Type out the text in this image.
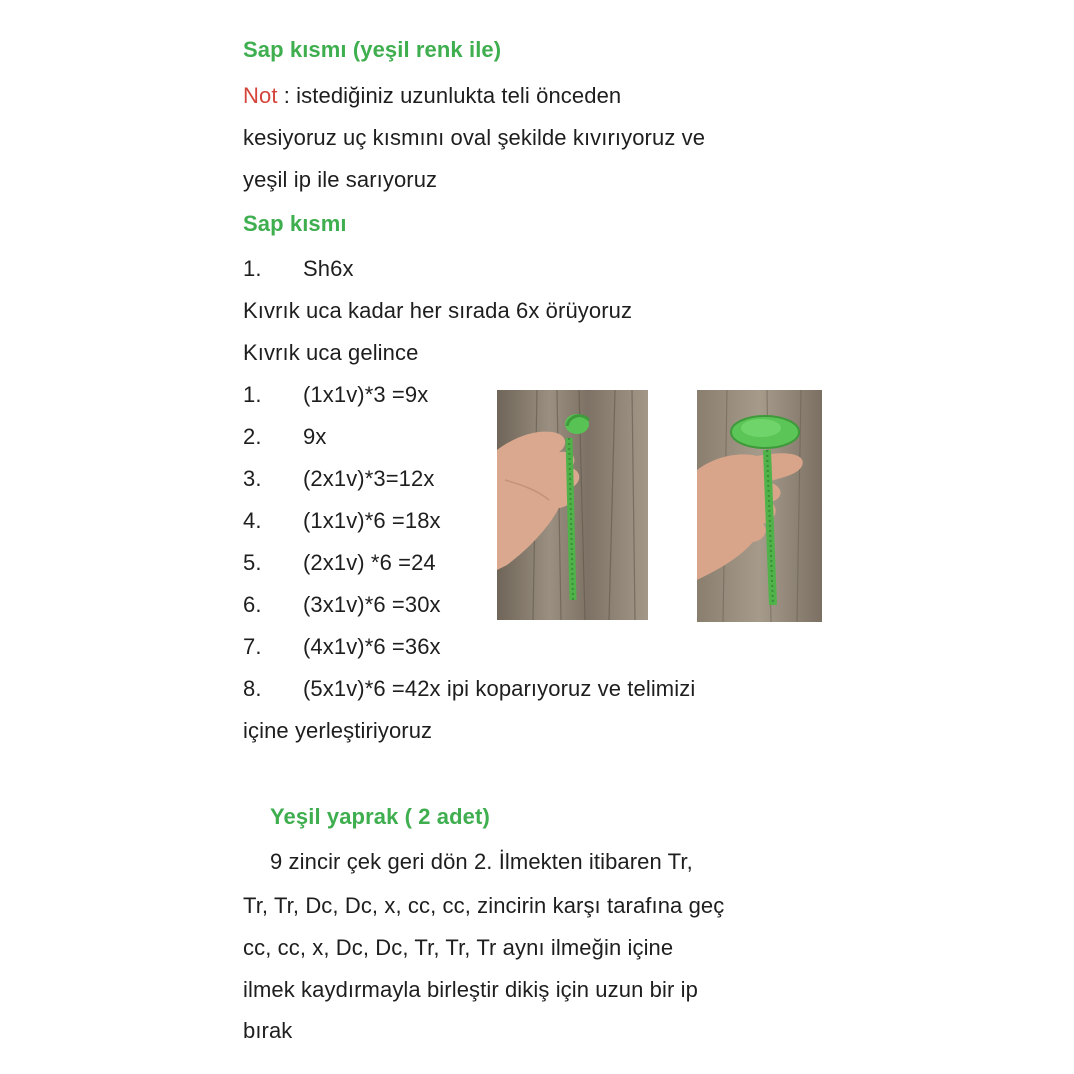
Sap kısmı (yeşil renk ile)
Not : istediğiniz uzunlukta teli önceden
kesiyoruz uç kısmını oval şekilde kıvırıyoruz ve
yeşil ip ile sarıyoruz
Sap kısmı
1. Sh6x
Kıvrık uca kadar her sırada 6x örüyoruz
Kıvrık uca gelince
1. (1x1v)*3 =9x
2. 9x
3. (2x1v)*3=12x
4. (1x1v)*6 =18x
5. (2x1v) *6 =24
6. (3x1v)*6 =30x
7. (4x1v)*6 =36x
8. (5x1v)*6 =42x ipi koparıyoruz ve telimizi
içine yerleştiriyoruz
Yeşil yaprak ( 2 adet)
9 zincir çek geri dön 2. İlmekten itibaren Tr,
Tr, Tr, Dc, Dc, x, cc, cc, zincirin karşı tarafına geç
cc, cc, x, Dc, Dc, Tr, Tr, Tr aynı ilmeğin içine
ilmek kaydırmayla birleştir dikiş için uzun bir ip
bırak
